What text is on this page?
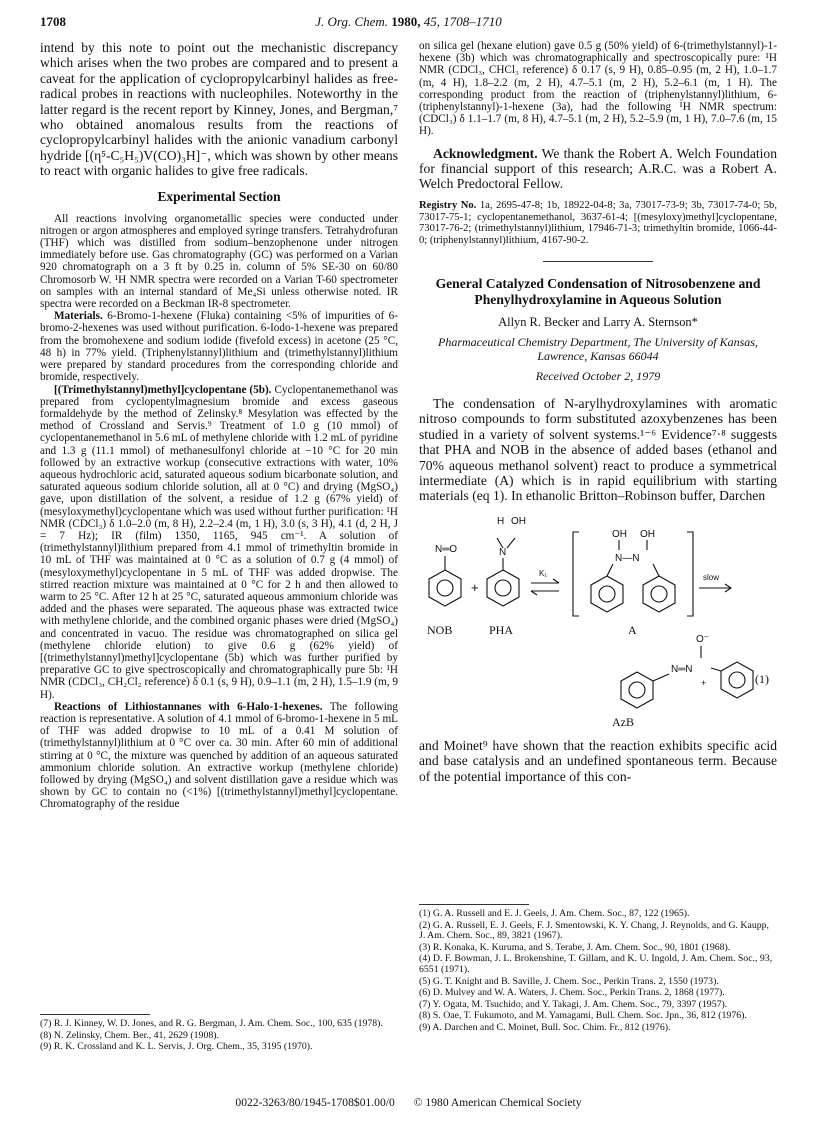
1708	J. Org. Chem. 1980, 45, 1708–1710

intend by this note to point out the mechanistic discrepancy which arises when the two probes are compared and to present a caveat for the application of cyclopropylcarbinyl halides as free-radical probes in reactions with nucleophiles. Noteworthy in the latter regard is the recent report by Kinney, Jones, and Bergman,⁷ who obtained anomalous results from the reactions of cyclopropylcarbinyl halides with the anionic vanadium carbonyl hydride [(η⁵-C₅H₅)V(CO)₃H]⁻, which was shown by other means to react with organic halides to give free radicals.

Experimental Section

All reactions involving organometallic species were conducted under nitrogen or argon atmospheres and employed syringe transfers. Tetrahydrofuran (THF) which was distilled from sodium–benzophenone under nitrogen immediately before use. Gas chromatography (GC) was performed on a Varian 920 chromatograph on a 3 ft by 0.25 in. column of 5% SE-30 on 60/80 Chromosorb W. ¹H NMR spectra were recorded on a Varian T-60 spectrometer on samples with an internal standard of Me₄Si unless otherwise noted. IR spectra were recorded on a Beckman IR-8 spectrometer.

Materials. 6-Bromo-1-hexene (Fluka) containing <5% of impurities of 6-bromo-2-hexenes was used without purification. 6-Iodo-1-hexene was prepared from the bromohexene and sodium iodide (fivefold excess) in acetone (25 °C, 48 h) in 77% yield. (Triphenylstannyl)lithium and (trimethylstannyl)lithium were prepared by standard procedures from the corresponding chloride and bromide, respectively.

[(Trimethylstannyl)methyl]cyclopentane (5b). Cyclopentanemethanol was prepared from cyclopentylmagnesium bromide and excess gaseous formaldehyde by the method of Zelinsky.⁸ Mesylation was effected by the method of Crossland and Servis.⁹ Treatment of 1.0 g (10 mmol) of cyclopentanemethanol in 5.6 mL of methylene chloride with 1.2 mL of pyridine and 1.3 g (11.1 mmol) of methanesulfonyl chloride at −10 °C for 20 min followed by an extractive workup (consecutive extractions with water, 10% aqueous hydrochloric acid, saturated aqueous sodium bicarbonate solution, and saturated aqueous sodium chloride solution, all at 0 °C) and drying (MgSO₄) gave, upon distillation of the solvent, a residue of 1.2 g (67% yield) of (mesyloxymethyl)cyclopentane which was used without further purification: ¹H NMR (CDCl₃) δ 1.0–2.0 (m, 8 H), 2.2–2.4 (m, 1 H), 3.0 (s, 3 H), 4.1 (d, 2 H, J = 7 Hz); IR (film) 1350, 1165, 945 cm⁻¹. A solution of (trimethylstannyl)lithium prepared from 4.1 mmol of trimethyltin bromide in 10 mL of THF was maintained at 0 °C as a solution of 0.7 g (4 mmol) of (mesyloxymethyl)cyclopentane in 5 mL of THF was added dropwise. The stirred reaction mixture was maintained at 0 °C for 2 h and then allowed to warm to 25 °C. After 12 h at 25 °C, saturated aqueous ammonium chloride was added and the phases were separated. The aqueous phase was extracted twice with methylene chloride, and the combined organic phases were dried (MgSO₄) and concentrated in vacuo. The residue was chromatographed on silica gel (methylene chloride elution) to give 0.6 g (62% yield) of [(trimethylstannyl)methyl]cyclopentane (5b) which was further purified by preparative GC to give spectroscopically and chromatographically pure 5b: ¹H NMR (CDCl₃, CH₂Cl₂ reference) δ 0.1 (s, 9 H), 0.9–1.1 (m, 2 H), 1.5–1.9 (m, 9 H).

Reactions of Lithiostannanes with 6-Halo-1-hexenes. The following reaction is representative. A solution of 4.1 mmol of 6-bromo-1-hexene in 5 mL of THF was added dropwise to 10 mL of a 0.41 M solution of (trimethylstannyl)lithium at 0 °C over ca. 30 min. After 60 min of additional stirring at 0 °C, the mixture was quenched by addition of an aqueous saturated ammonium chloride solution. An extractive workup (methylene chloride) followed by drying (MgSO₄) and solvent distillation gave a residue which was shown by GC to contain no (<1%) [(trimethylstannyl)methyl]cyclopentane. Chromatography of the residue

(7) R. J. Kinney, W. D. Jones, and R. G. Bergman, J. Am. Chem. Soc., 100, 635 (1978).

(8) N. Zelinsky, Chem. Ber., 41, 2629 (1908).

(9) R. K. Crossland and K. L. Servis, J. Org. Chem., 35, 3195 (1970).

on silica gel (hexane elution) gave 0.5 g (50% yield) of 6-(trimethylstannyl)-1-hexene (3b) which was chromatographically and spectroscopically pure: ¹H NMR (CDCl₃, CHCl₃ reference) δ 0.17 (s, 9 H), 0.85–0.95 (m, 2 H), 1.0–1.7 (m, 4 H), 1.8–2.2 (m, 2 H), 4.7–5.1 (m, 2 H), 5.2–6.1 (m, 1 H). The corresponding product from the reaction of (triphenylstannyl)lithium, 6-(triphenylstannyl)-1-hexene (3a), had the following ¹H NMR spectrum: (CDCl₃) δ 1.1–1.7 (m, 8 H), 4.7–5.1 (m, 2 H), 5.2–5.9 (m, 1 H), 7.0–7.6 (m, 15 H).

Acknowledgment. We thank the Robert A. Welch Foundation for financial support of this research; A.R.C. was a Robert A. Welch Predoctoral Fellow.

Registry No. 1a, 2695-47-8; 1b, 18922-04-8; 3a, 73017-73-9; 3b, 73017-74-0; 5b, 73017-75-1; cyclopentanemethanol, 3637-61-4; [(mesyloxy)methyl]cyclopentane, 73017-76-2; (trimethylstannyl)lithium, 17946-71-3; trimethyltin bromide, 1066-44-0; (triphenylstannyl)lithium, 4167-90-2.

General Catalyzed Condensation of Nitrosobenzene and Phenylhydroxylamine in Aqueous Solution

Allyn R. Becker and Larry A. Sternson*

Pharmaceutical Chemistry Department, The University of Kansas, Lawrence, Kansas 66044

Received October 2, 1979

The condensation of N-arylhydroxylamines with aromatic nitroso compounds to form substituted azoxybenzenes has been studied in a variety of solvent systems.¹⁻⁶ Evidence⁷·⁸ suggests that PHA and NOB in the absence of added bases (ethanol and 70% aqueous methanol solvent) react to produce a symmetrical intermediate (A) which is in rapid equilibrium with starting materials (eq 1). In ethanolic Britton–Robinson buffer, Darchen

N═O
H OH
N
+
K₁
OH OH
N—N
slow
O⁻
N═N
+
NOB	PHA	A
(1)

AzB

and Moinet⁹ have shown that the reaction exhibits specific acid and base catalysis and an undefined spontaneous term. Because of the potential importance of this con-

(1) G. A. Russell and E. J. Geels, J. Am. Chem. Soc., 87, 122 (1965).

(2) G. A. Russell, E. J. Geels, F. J. Smentowski, K. Y. Chang, J. Reynolds, and G. Kaupp, J. Am. Chem. Soc., 89, 3821 (1967).

(3) R. Konaka, K. Kuruma, and S. Terabe, J. Am. Chem. Soc., 90, 1801 (1968).

(4) D. F. Bowman, J. L. Brokenshine, T. Gillam, and K. U. Ingold, J. Am. Chem. Soc., 93, 6551 (1971).

(5) G. T. Knight and B. Saville, J. Chem. Soc., Perkin Trans. 2, 1550 (1973).

(6) D. Mulvey and W. A. Waters, J. Chem. Soc., Perkin Trans. 2, 1868 (1977).

(7) Y. Ogata, M. Tsuchido, and Y. Takagi, J. Am. Chem. Soc., 79, 3397 (1957).

(8) S. Oae, T. Fukumoto, and M. Yamagami, Bull. Chem. Soc. Jpn., 36, 812 (1976).

(9) A. Darchen and C. Moinet, Bull. Soc. Chim. Fr., 812 (1976).

0022-3263/80/1945-1708$01.00/0 © 1980 American Chemical Society
